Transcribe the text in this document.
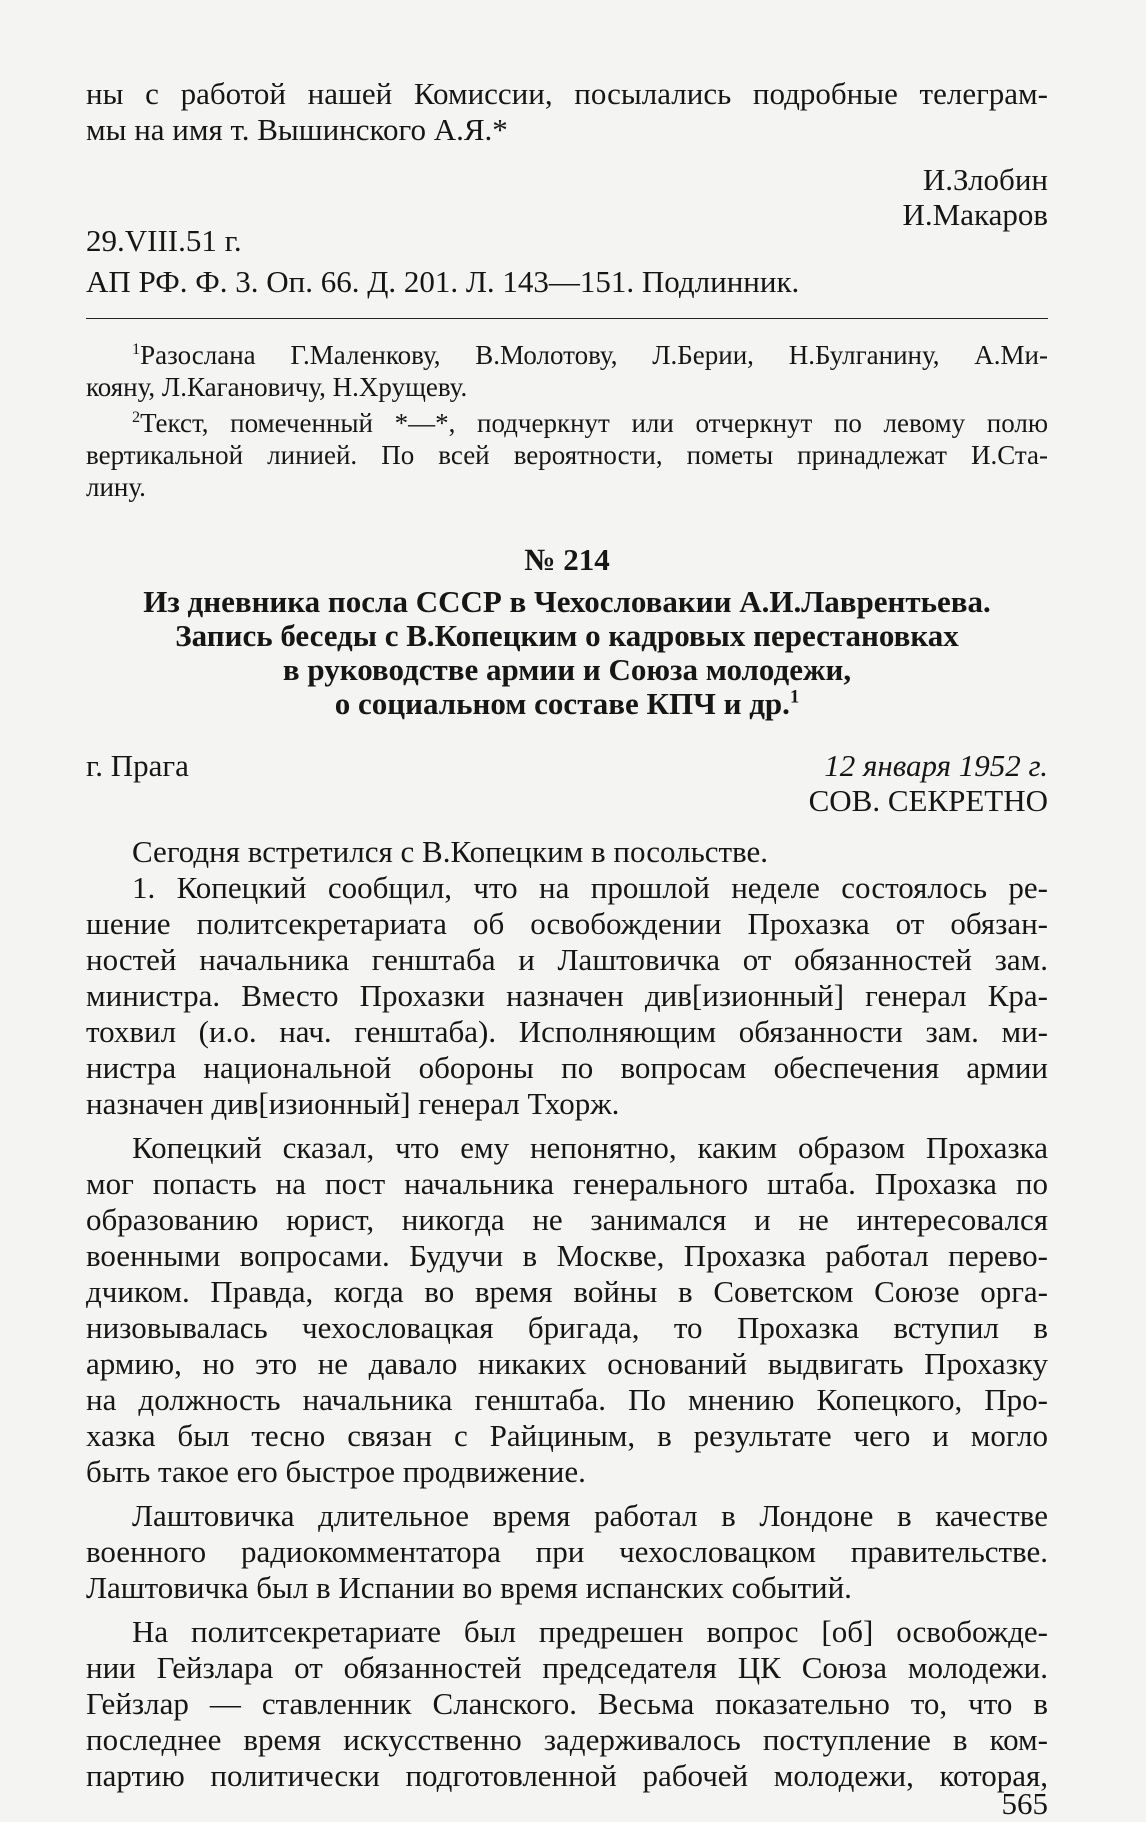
ны с работой нашей Комиссии, посылались подробные телеграм-
мы на имя т. Вышинского А.Я.*
И.Злобин
И.Макаров
29.VIII.51 г.
АП РФ. Ф. 3. Оп. 66. Д. 201. Л. 143—151. Подлинник.
$^1$Разослана Г.Маленкову, В.Молотову, Л.Берии, Н.Булганину, А.Ми-
кояну, Л.Кагановичу, Н.Хрущеву.
$^2$Текст, помеченный *—*, подчеркнут или отчеркнут по левому полю
вертикальной линией. По всей вероятности, пометы принадлежат И.Ста-
лину.
№ 214
Из дневника посла СССР в Чехословакии А.И.Лаврентьева.
Запись беседы с В.Копецким о кадровых перестановках
в руководстве армии и Союза молодежи,
о социальном составе КПЧ и др.$^1$
г. Прага	12 января 1952 г.
СОВ. СЕКРЕТНО
Сегодня встретился с В.Копецким в посольстве.
1. Копецкий сообщил, что на прошлой неделе состоялось ре-
шение политсекретариата об освобождении Прохазка от обязан-
ностей начальника генштаба и Лаштовичка от обязанностей зам.
министра. Вместо Прохазки назначен див[изионный] генерал Кра-
тохвил (и.о. нач. генштаба). Исполняющим обязанности зам. ми-
нистра национальной обороны по вопросам обеспечения армии
назначен див[изионный] генерал Тхорж.
Копецкий сказал, что ему непонятно, каким образом Прохазка
мог попасть на пост начальника генерального штаба. Прохазка по
образованию юрист, никогда не занимался и не интересовался
военными вопросами. Будучи в Москве, Прохазка работал перево-
дчиком. Правда, когда во время войны в Советском Союзе орга-
низовывалась чехословацкая бригада, то Прохазка вступил в
армию, но это не давало никаких оснований выдвигать Прохазку
на должность начальника генштаба. По мнению Копецкого, Про-
хазка был тесно связан с Райциным, в результате чего и могло
быть такое его быстрое продвижение.
Лаштовичка длительное время работал в Лондоне в качестве
военного радиокомментатора при чехословацком правительстве.
Лаштовичка был в Испании во время испанских событий.
На политсекретариате был предрешен вопрос [об] освобожде-
нии Гейзлара от обязанностей председателя ЦК Союза молодежи.
Гейзлар — ставленник Сланского. Весьма показательно то, что в
последнее время искусственно задерживалось поступление в ком-
партию политически подготовленной рабочей молодежи, которая,
565
